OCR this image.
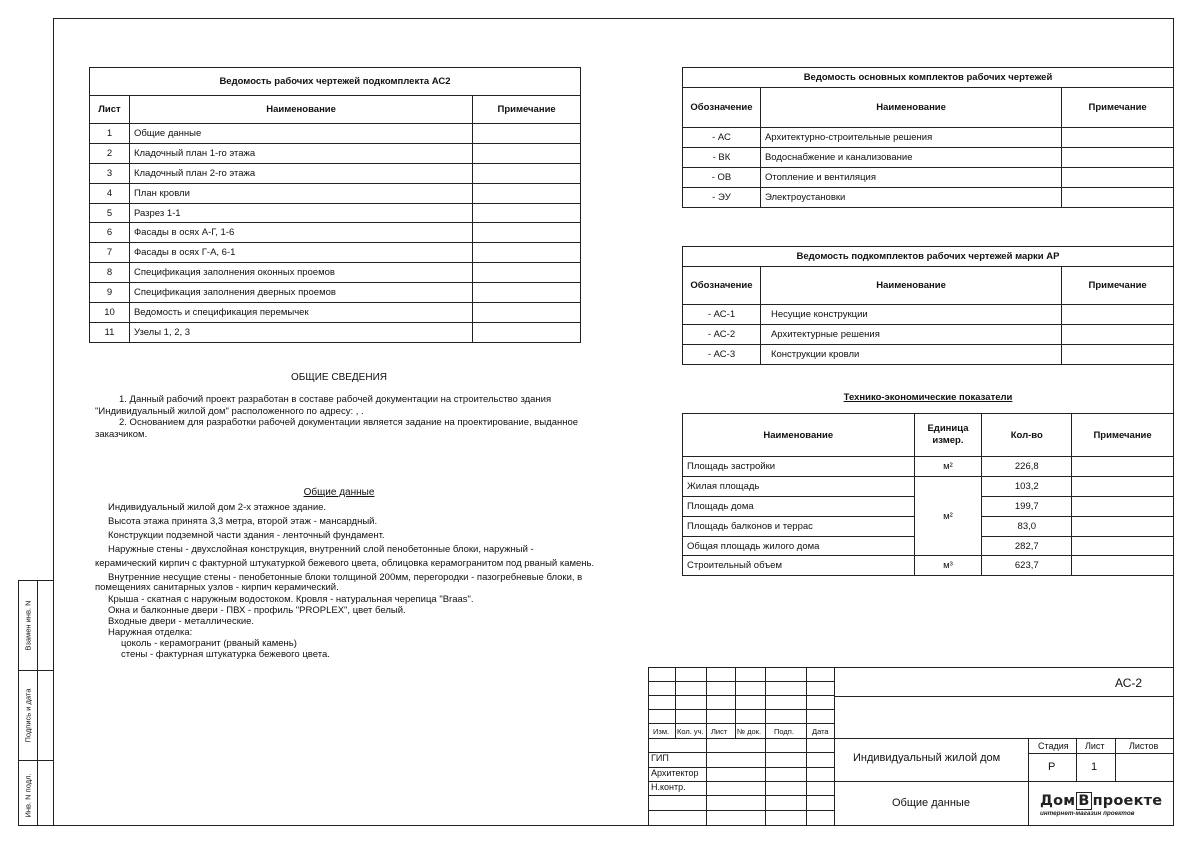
Взамен инв. N
Подпись и дата
Инв. N подл.
Ведомость рабочих чертежей подкомплекта АС2		
Лист	Наименование	Примечание
1	Общие данные	
2	Кладочный план 1-го этажа	
3	Кладочный план 2-го этажа	
4	План кровли	
5	Разрез 1-1	
6	Фасады в осях А-Г, 1-6	
7	Фасады в осях Г-А, 6-1	
8	Спецификация заполнения оконных проемов	
9	Спецификация заполнения дверных проемов	
10	Ведомость и спецификация перемычек	
11	Узелы 1, 2, 3	
Ведомость основных комплектов рабочих чертежей		
Обозначение	Наименование	Примечание
- АС	Архитектурно-строительные решения	
- ВК	Водоснабжение и канализование	
- ОВ	Отопление и вентиляция	
- ЭУ	Электроустановки	
Ведомость подкомплектов рабочих чертежей марки АР		
Обозначение	Наименование	Примечание
- АС-1	Несущие конструкции	
- АС-2	Архитектурные решения	
- АС-3	Конструкции кровли	
Технико-экономические показатели
Наименование	Единица измер.	Кол-во	Примечание
Площадь застройки	м²	226,8	
Жилая площадь	м²	103,2	
Площадь дома		199,7	
Площадь балконов и террас		83,0	
Общая площадь жилого дома		282,7	
Строительный объем	м³	623,7	
ОБЩИЕ СВЕДЕНИЯ
1. Данный рабочий проект разработан в составе рабочей документации на строительство здания
"Индивидуальный жилой дом" расположенного по адресу: , .
2. Основанием для разработки рабочей документации является задание на проектирование, выданное
заказчиком.
Общие данные
Индивидуальный жилой дом 2-х этажное здание.
Высота этажа принята 3,3 метра, второй этаж - мансардный.
Конструкции подземной части здания - ленточный фундамент.
Наружные стены - двухслойная конструкция, внутренний слой пенобетонные блоки, наружный -
керамический кирпич с фактурной штукатуркой бежевого цвета, облицовка керамогранитом под рваный камень.
Внутренние несущие стены - пенобетонные блоки толщиной 200мм, перегородки - пазогребневые блоки, в
помещениях санитарных узлов - кирпич керамический.
Крыша - скатная с наружным водостоком. Кровля - натуральная черепица "Braas".
Окна и балконные двери - ПВХ - профиль "PROPLEX", цвет белый.
Входные двери - металлические.
Наружная отделка:
цоколь - керамогранит (рваный камень)
стены - фактурная штукатурка бежевого цвета.
Изм. Кол. уч. Лист № док. Подп. Дата
ГИП
Архитектор
Н.контр.
АС-2
Индивидуальный жилой дом
Общие данные
Стадия Лист	Листов
Р	1
Дом В проекте
интернет-магазин проектов
